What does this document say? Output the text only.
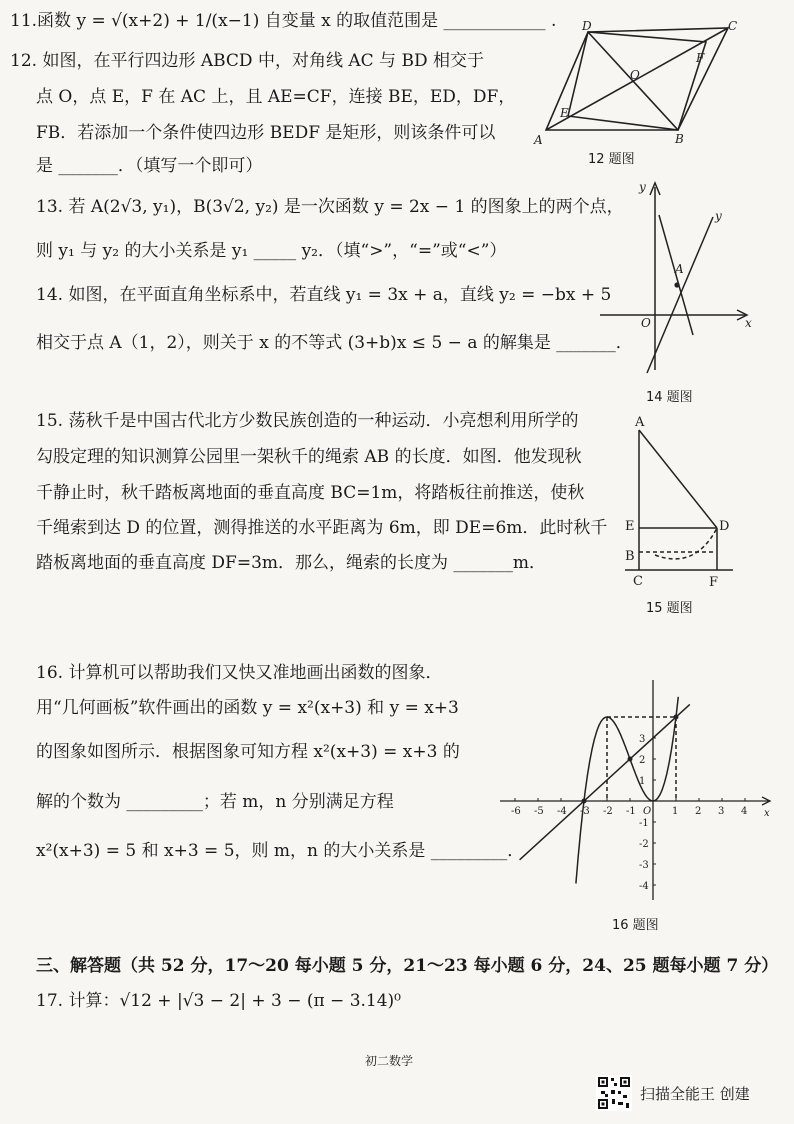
11.函数 y = √(x+2) + 1/(x−1) 自变量 x 的取值范围是 ____________ .
12. 如图，在平行四边形 ABCD 中，对角线 AC 与 BD 相交于
点 O，点 E，F 在 AC 上，且 AE=CF，连接 BE，ED，DF，
FB．若添加一个条件使四边形 BEDF 是矩形，则该条件可以
是 _______．（填写一个即可）
A	B
C
D
E
F
O
12 题图
13. 若 A(2√3, y₁)，B(3√2, y₂) 是一次函数 y = 2x − 1 的图象上的两个点，
则 y₁ 与 y₂ 的大小关系是 y₁ _____ y₂．（填“>”，“=”或“<”）
14. 如图，在平面直角坐标系中，若直线 y₁ = 3x + a，直线 y₂ = −bx + 5
相交于点 A（1，2），则关于 x 的不等式 (3+b)x ≤ 5 − a 的解集是 _______．
y
y
x
O
A
14 题图
15. 荡秋千是中国古代北方少数民族创造的一种运动．小亮想利用所学的
勾股定理的知识测算公园里一架秋千的绳索 AB 的长度．如图．他发现秋
千静止时，秋千踏板离地面的垂直高度 BC=1m，将踏板往前推送，使秋
千绳索到达 D 的位置，测得推送的水平距离为 6m，即 DE=6m．此时秋千
踏板离地面的垂直高度 DF=3m．那么，绳索的长度为 _______m．
A
B
C
D
E
F
15 题图
16. 计算机可以帮助我们又快又准地画出函数的图象．
用“几何画板”软件画出的函数 y = x²(x+3) 和 y = x+3
的图象如图所示．根据图象可知方程 x²(x+3) = x+3 的
解的个数为 _________；若 m，n 分别满足方程
x²(x+3) = 5 和 x+3 = 5，则 m，n 的大小关系是 _________．
-6 -5 -4 -3 -2 -1	1 2 3 4
3
2
1
-1
-2
-3
-4
O	x
16 题图
三、解答题（共 52 分，17～20 每小题 5 分，21～23 每小题 6 分，24、25 题每小题 7 分）
17. 计算：√12 + |√3 − 2| + 3 − (π − 3.14)⁰
初二数学
扫描全能王 创建
